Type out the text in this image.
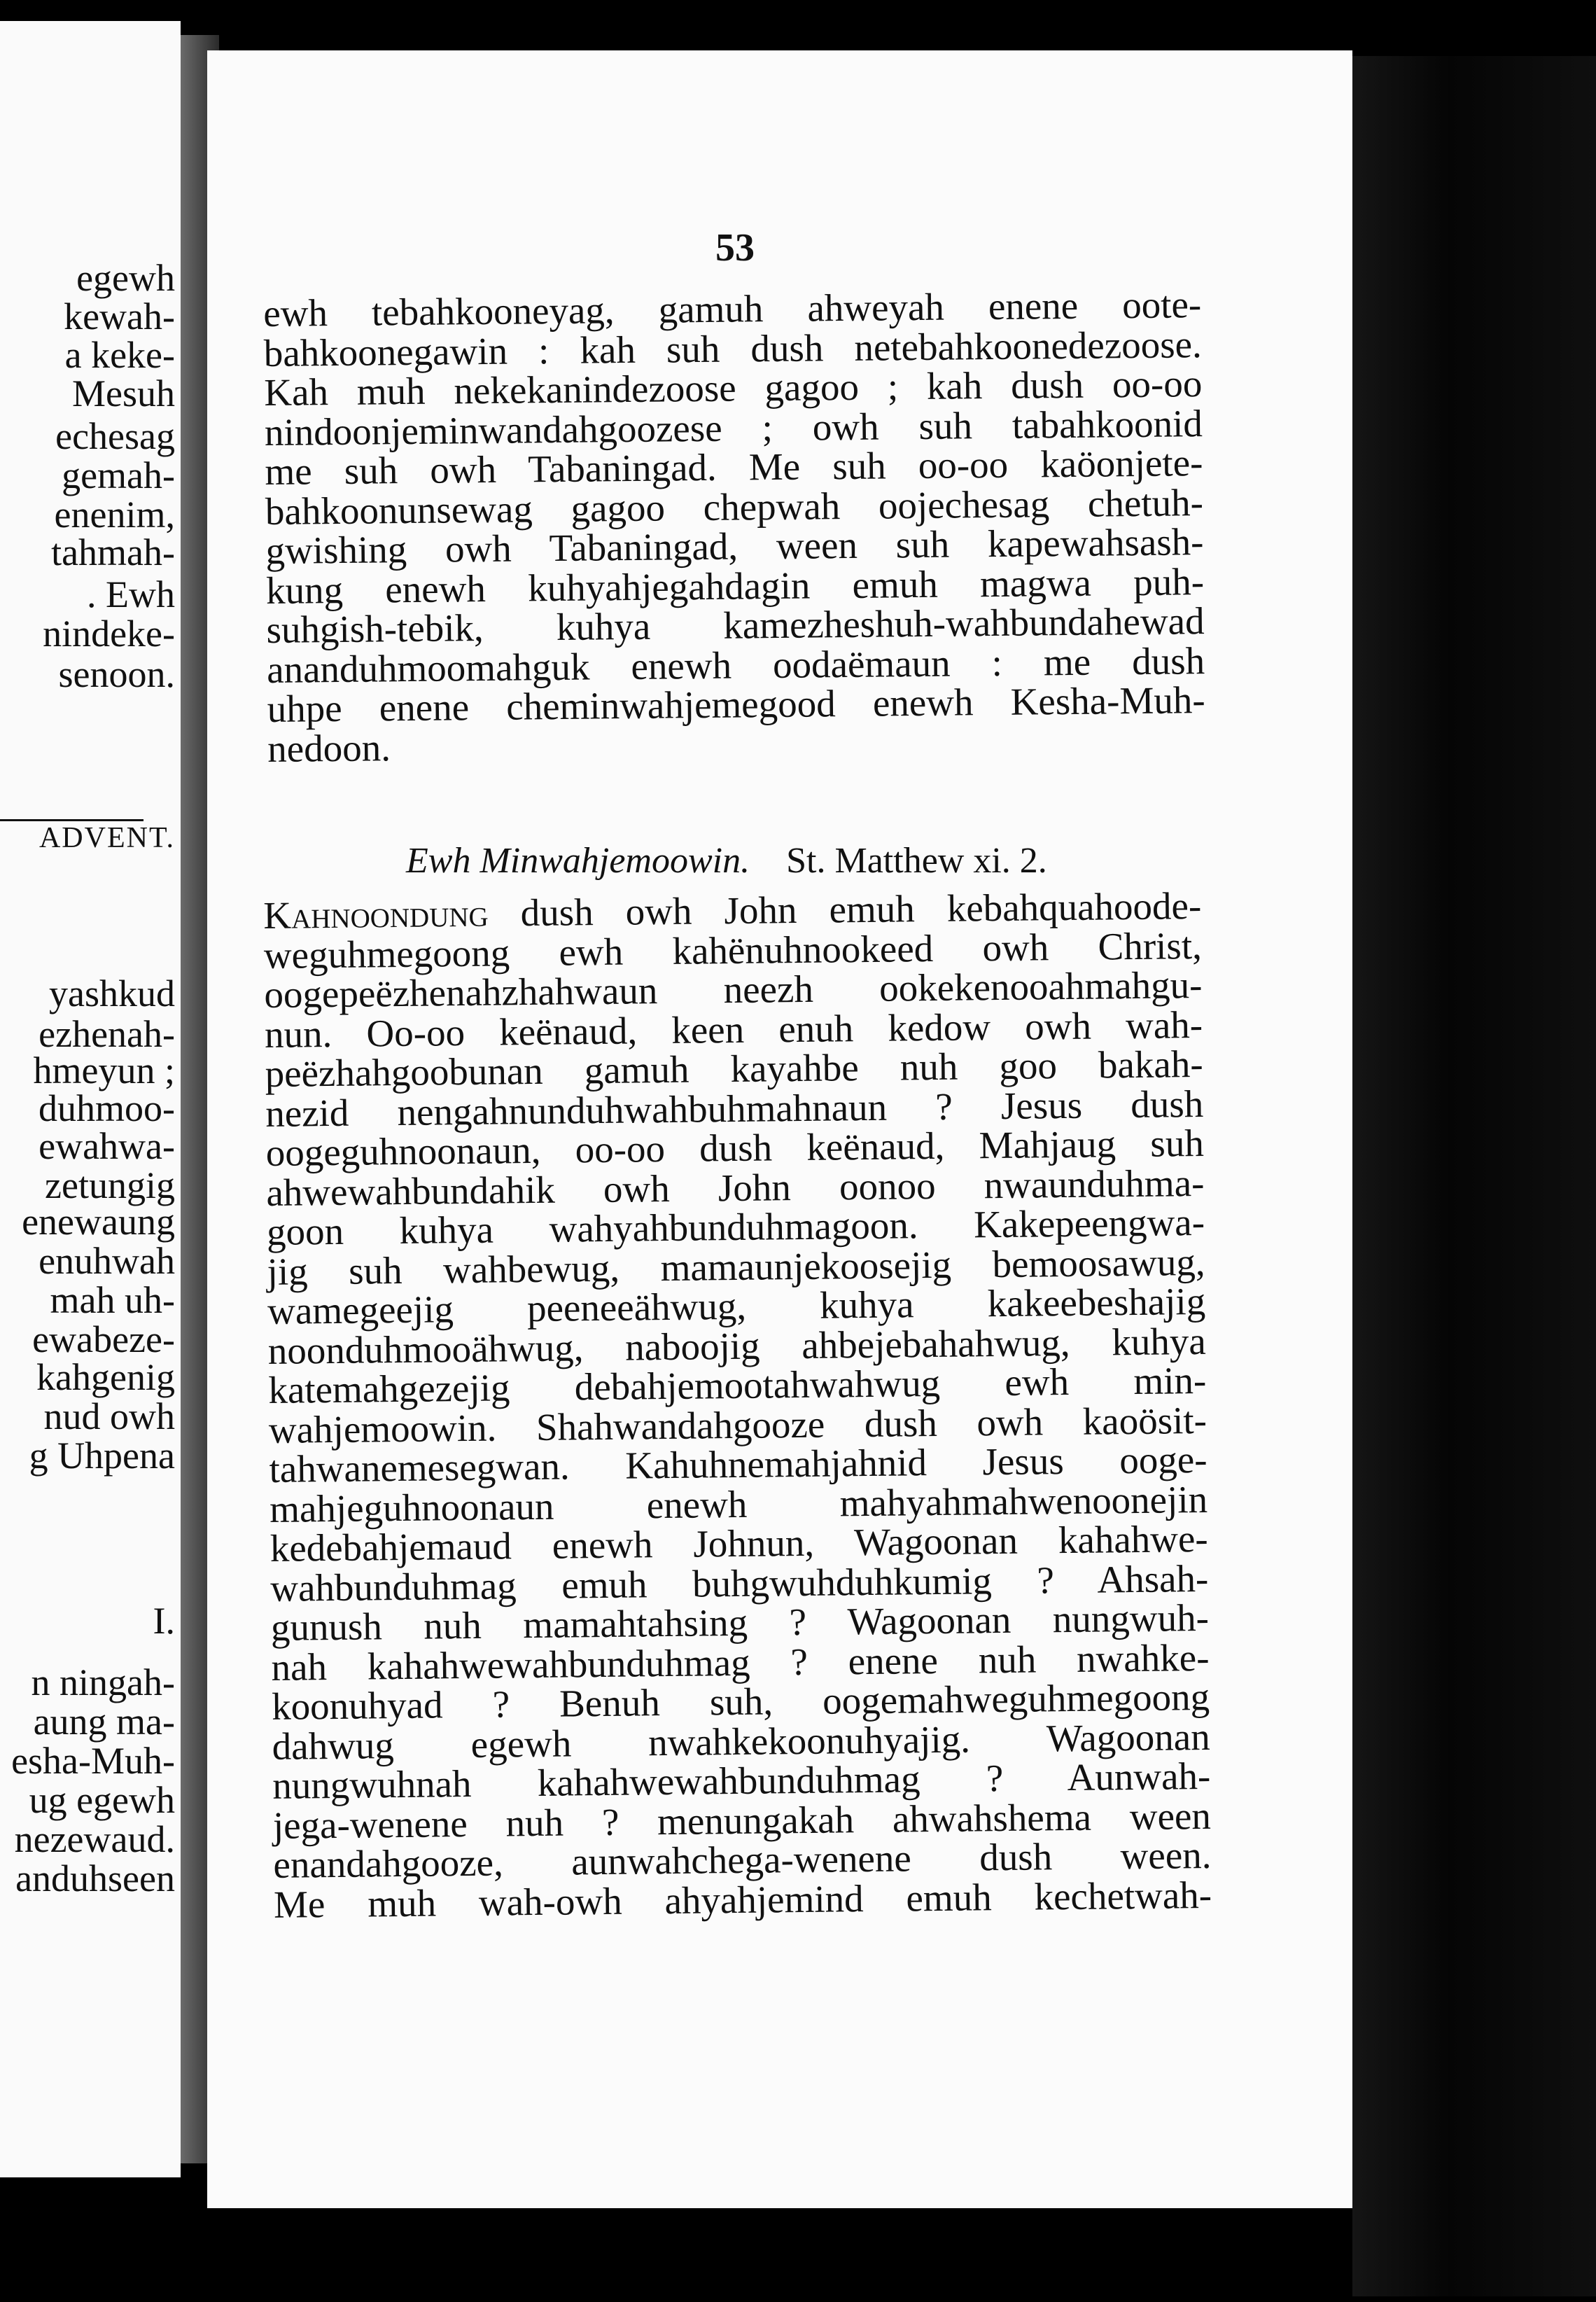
egewh
kewah-
a keke-
Mesuh
echesag
gemah-
enenim,
tahmah-
. Ewh
nindeke-
senoon.
ADVENT.
yashkud
ezhenah-
hmeyun ;
duhmoo-
ewahwa-
zetungig
enewaung
enuhwah
mah uh-
ewabeze-
kahgenig
nud owh
g Uhpena
I.
n ningah-
aung ma-
esha-Muh-
ug egewh
nezewaud.
anduhseen
53
ewh tebahkooneyag, gamuh ahweyah enene oote-
bahkoonegawin : kah suh dush netebahkoonedezoose.
Kah muh nekekanindezoose gagoo ; kah dush oo-oo
nindoonjeminwandahgoozese ; owh suh tabahkoonid
me suh owh Tabaningad. Me suh oo-oo kaöonjete-
bahkoonunsewag gagoo chepwah oojechesag chetuh-
gwishing owh Tabaningad, ween suh kapewahsash-
kung enewh kuhyahjegahdagin emuh magwa puh-
suhgish-tebik, kuhya kamezheshuh-wahbundahewad
ananduhmoomahguk enewh oodaëmaun : me dush
uhpe enene cheminwahjemegood enewh Kesha-Muh-
nedoon.
Ewh Minwahjemoowin. St. Matthew xi. 2.
Kahnoondung dush owh John emuh kebahquahoode-
weguhmegoong ewh kahënuhnookeed owh Christ,
oogepeëzhenahzhahwaun neezh ookekenooahmahgu-
nun. Oo-oo keënaud, keen enuh kedow owh wah-
peëzhahgoobunan gamuh kayahbe nuh goo bakah-
nezid nengahnunduhwahbuhmahnaun ? Jesus dush
oogeguhnoonaun, oo-oo dush keënaud, Mahjaug suh
ahwewahbundahik owh John oonoo nwaunduhma-
goon kuhya wahyahbunduhmagoon. Kakepeengwa-
jig suh wahbewug, mamaunjekoosejig bemoosawug,
wamegeejig peeneeähwug, kuhya kakeebeshajig
noonduhmooähwug, naboojig ahbejebahahwug, kuhya
katemahgezejig debahjemootahwahwug ewh min-
wahjemoowin. Shahwandahgooze dush owh kaoösit-
tahwanemesegwan. Kahuhnemahjahnid Jesus ooge-
mahjeguhnoonaun enewh mahyahmahwenoonejin
kedebahjemaud enewh Johnun, Wagoonan kahahwe-
wahbunduhmag emuh buhgwuhduhkumig ? Ahsah-
gunush nuh mamahtahsing ? Wagoonan nungwuh-
nah kahahwewahbunduhmag ? enene nuh nwahke-
koonuhyad ? Benuh suh, oogemahweguhmegoong
dahwug egewh nwahkekoonuhyajig. Wagoonan
nungwuhnah kahahwewahbunduhmag ? Aunwah-
jega-wenene nuh ? menungakah ahwahshema ween
enandahgooze, aunwahchega-wenene dush ween.
Me muh wah-owh ahyahjemind emuh kechetwah-
